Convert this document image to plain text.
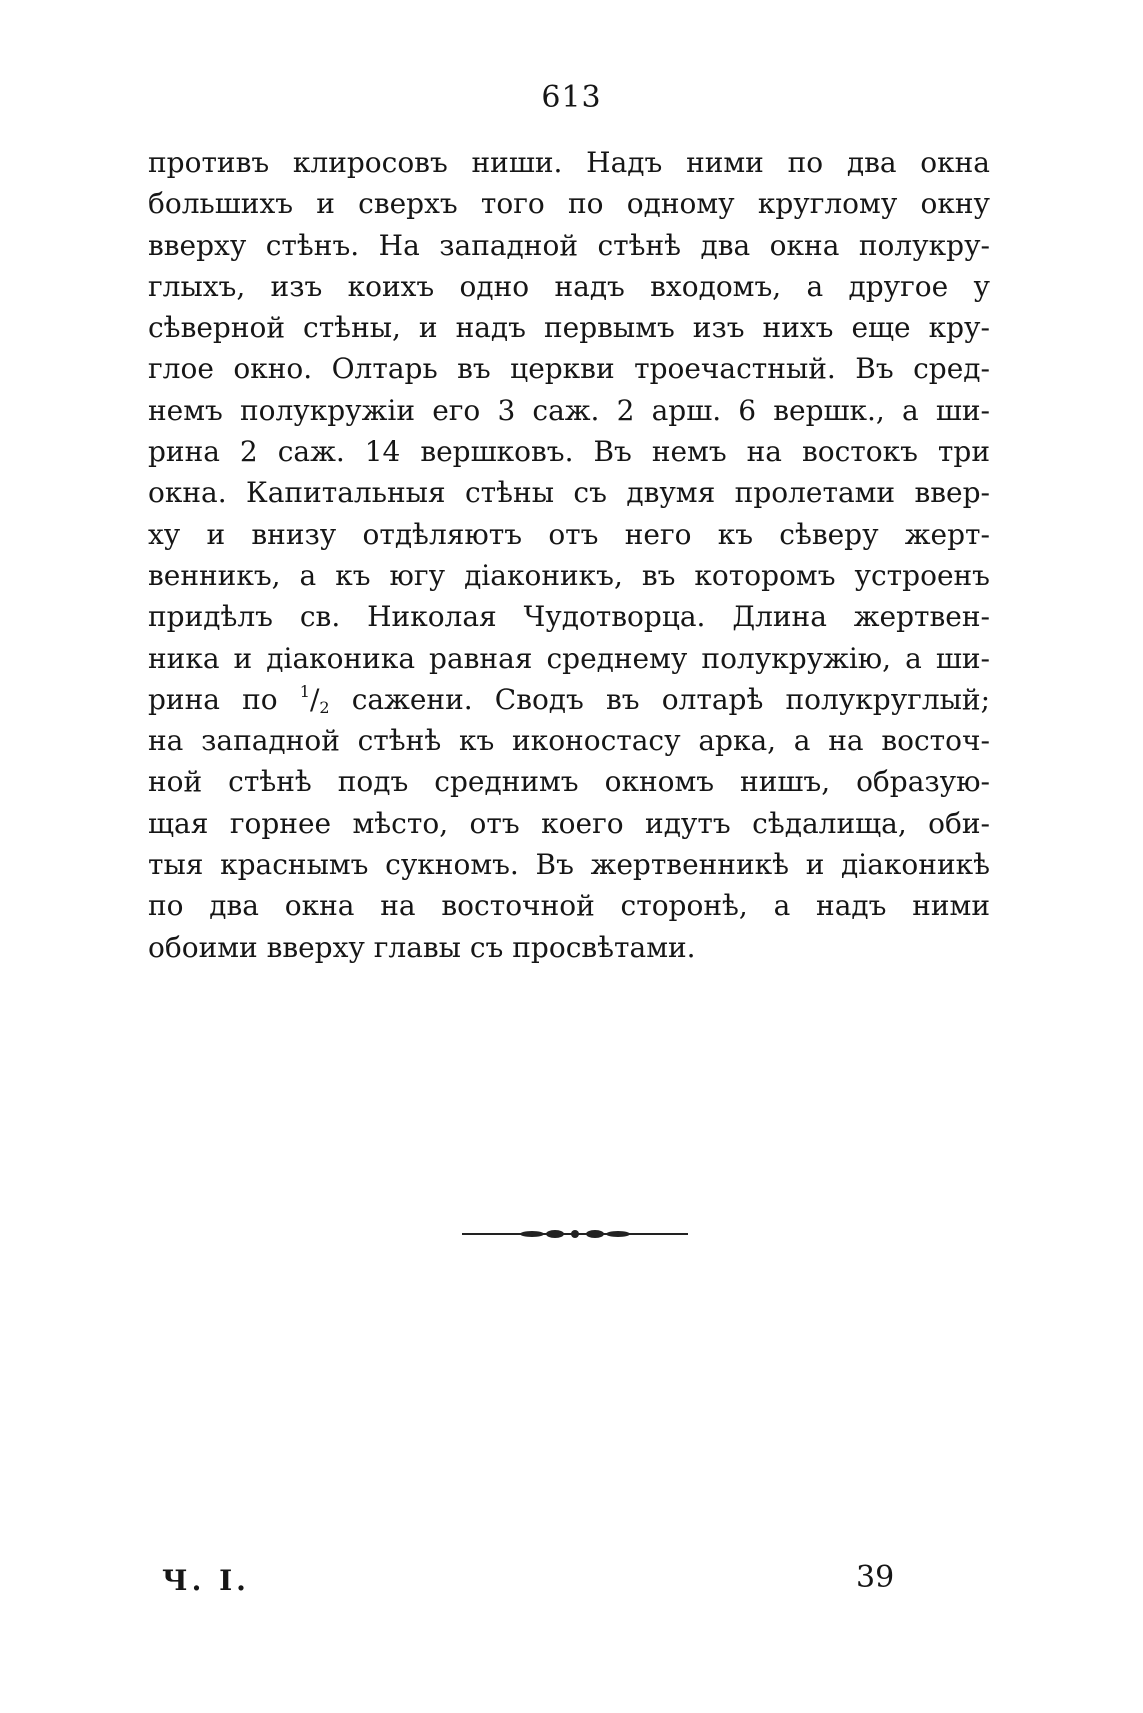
613
противъ клиросовъ ниши. Надъ ними по два окна
большихъ и сверхъ того по одному круглому окну
вверху стѣнъ. На западной стѣнѣ два окна полукру-
глыхъ, изъ коихъ одно надъ входомъ, а другое у
сѣверной стѣны, и надъ первымъ изъ нихъ еще кру-
глое окно. Олтарь въ церкви троечастный. Въ сред-
немъ полукружіи его 3 саж. 2 арш. 6 вершк., а ши-
рина 2 саж. 14 вершковъ. Въ немъ на востокъ три
окна. Капитальныя стѣны съ двумя пролетами ввер-
ху и внизу отдѣляютъ отъ него къ сѣверу жерт-
венникъ, а къ югу діаконикъ, въ которомъ устроенъ
придѣлъ св. Николая Чудотворца. Длина жертвен-
ника и діаконика равная среднему полукружію, а ши-
рина по $^1/_2$ сажени. Сводъ въ олтарѣ полукруглый;
на западной стѣнѣ къ иконостасу арка, а на восточ-
ной стѣнѣ подъ среднимъ окномъ нишъ, образую-
щая горнее мѣсто, отъ коего идутъ сѣдалища, оби-
тыя краснымъ сукномъ. Въ жертвенникѣ и діаконикѣ
по два окна на восточной сторонѣ, а надъ ними
обоими вверху главы съ просвѣтами.
Ч. I.	39
